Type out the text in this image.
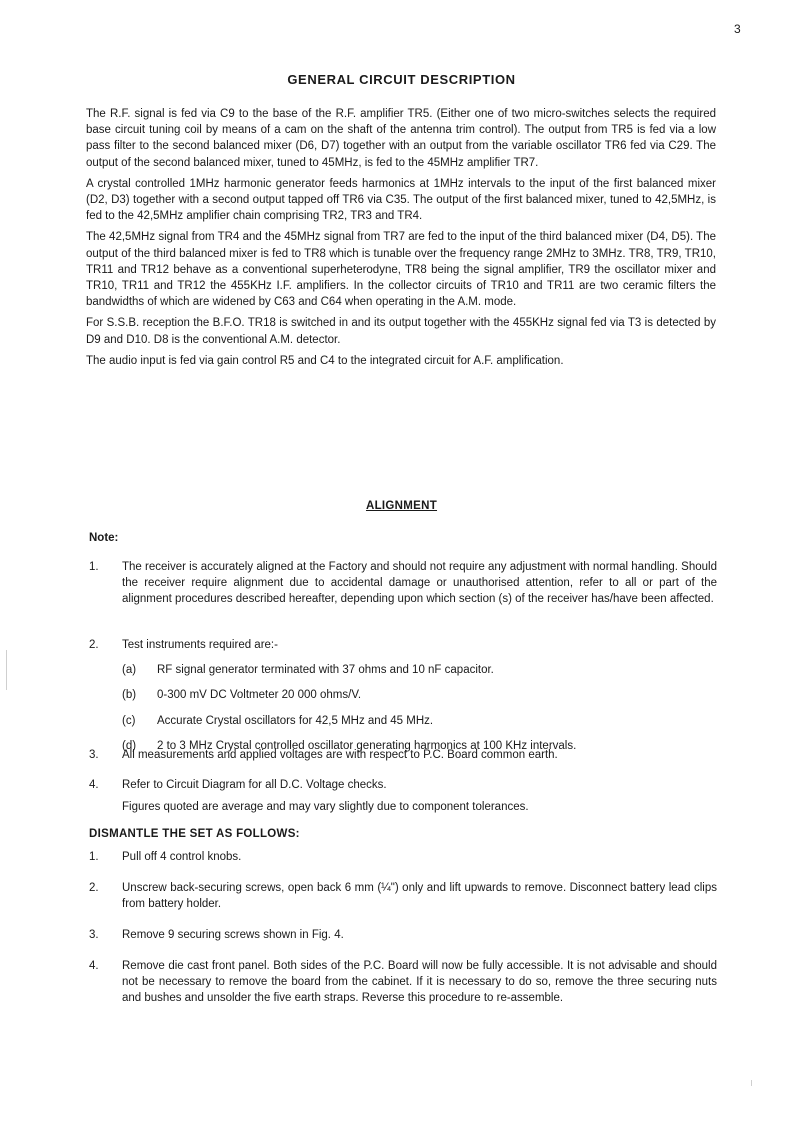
3
GENERAL CIRCUIT DESCRIPTION

The R.F. signal is fed via C9 to the base of the R.F. amplifier TR5. (Either one of two micro-switches selects the required base circuit tuning coil by means of a cam on the shaft of the antenna trim control). The output from TR5 is fed via a low pass filter to the second balanced mixer (D6, D7) together with an output from the variable oscillator TR6 fed via C29. The output of the second balanced mixer, tuned to 45MHz, is fed to the 45MHz amplifier TR7.

A crystal controlled 1MHz harmonic generator feeds harmonics at 1MHz intervals to the input of the first balanced mixer (D2, D3) together with a second output tapped off TR6 via C35. The output of the first balanced mixer, tuned to 42,5MHz, is fed to the 42,5MHz amplifier chain comprising TR2, TR3 and TR4.

The 42,5MHz signal from TR4 and the 45MHz signal from TR7 are fed to the input of the third balanced mixer (D4, D5). The output of the third balanced mixer is fed to TR8 which is tunable over the frequency range 2MHz to 3MHz. TR8, TR9, TR10, TR11 and TR12 behave as a conventional superheterodyne, TR8 being the signal amplifier, TR9 the oscillator mixer and TR10, TR11 and TR12 the 455KHz I.F. amplifiers. In the collector circuits of TR10 and TR11 are two ceramic filters the bandwidths of which are widened by C63 and C64 when operating in the A.M. mode.

For S.S.B. reception the B.F.O. TR18 is switched in and its output together with the 455KHz signal fed via T3 is detected by D9 and D10. D8 is the conventional A.M. detector.

The audio input is fed via gain control R5 and C4 to the integrated circuit for A.F. amplification.

ALIGNMENT
Note:
1. The receiver is accurately aligned at the Factory and should not require any adjustment with normal handling. Should the receiver require alignment due to accidental damage or unauthorised attention, refer to all or part of the alignment procedures described hereafter, depending upon which section (s) of the receiver has/have been affected.
2. Test instruments required are:-
(a) RF signal generator terminated with 37 ohms and 10 nF capacitor.
(b) 0-300 mV DC Voltmeter 20 000 ohms/V.
(c) Accurate Crystal oscillators for 42,5 MHz and 45 MHz.
(d) 2 to 3 MHz Crystal controlled oscillator generating harmonics at 100 KHz intervals.
3. All measurements and applied voltages are with respect to P.C. Board common earth.
4. Refer to Circuit Diagram for all D.C. Voltage checks.
Figures quoted are average and may vary slightly due to component tolerances.
DISMANTLE THE SET AS FOLLOWS:
1. Pull off 4 control knobs.
2. Unscrew back-securing screws, open back 6 mm (¼") only and lift upwards to remove. Disconnect battery lead clips from battery holder.
3. Remove 9 securing screws shown in Fig. 4.
4. Remove die cast front panel. Both sides of the P.C. Board will now be fully accessible. It is not advisable and should not be necessary to remove the board from the cabinet. If it is necessary to do so, remove the three securing nuts and bushes and unsolder the five earth straps. Reverse this procedure to re-assemble.
